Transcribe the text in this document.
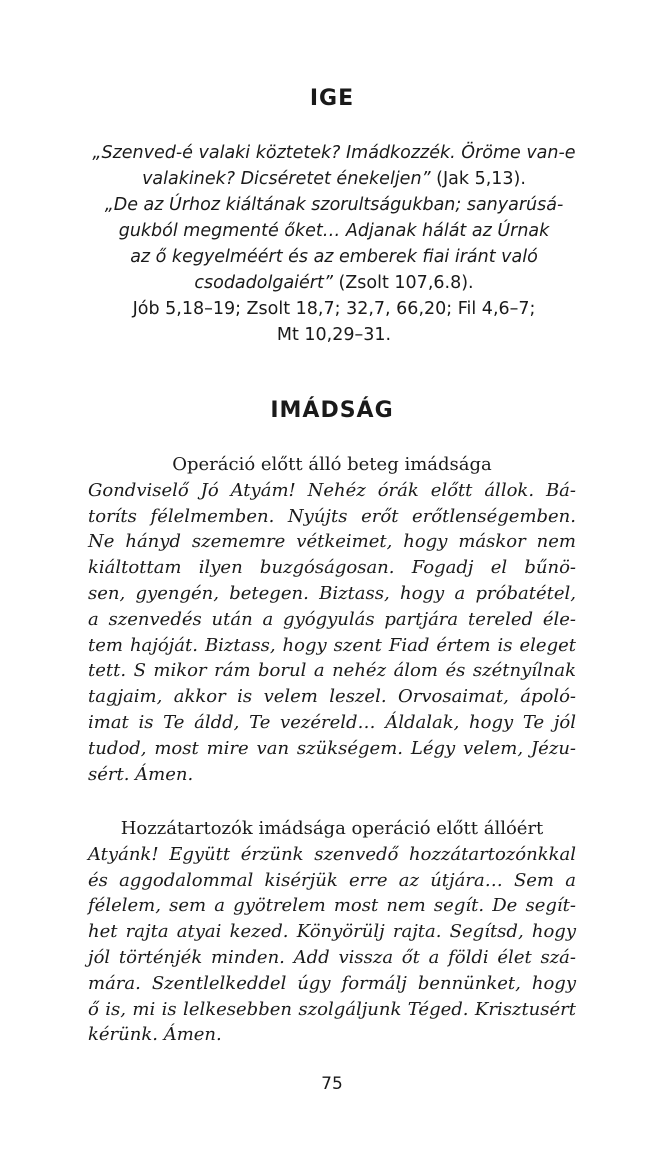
IGE
„Szenved-é valaki köztetek? Imádkozzék. Öröme van-e
valakinek? Dicséretet énekeljen” (Jak 5,13).
„De az Úrhoz kiáltának szorultságukban; sanyarúsá-
gukból megmenté őket… Adjanak hálát az Úrnak
az ő kegyelméért és az emberek fiai iránt való
csodadolgaiért” (Zsolt 107,6.8).
Jób 5,18–19; Zsolt 18,7; 32,7, 66,20; Fil 4,6–7;
Mt 10,29–31.
IMÁDSÁG
Operáció előtt álló beteg imádsága
Gondviselő Jó Atyám! Nehéz órák előtt állok. Bá-
toríts félelmemben. Nyújts erőt erőtlenségemben.
Ne hányd szememre vétkeimet, hogy máskor nem
kiáltottam ilyen buzgóságosan. Fogadj el bűnö-
sen, gyengén, betegen. Biztass, hogy a próbatétel,
a szenvedés után a gyógyulás partjára tereled éle-
tem hajóját. Biztass, hogy szent Fiad értem is eleget
tett. S mikor rám borul a nehéz álom és szétnyílnak
tagjaim, akkor is velem leszel. Orvosaimat, ápoló-
imat is Te áldd, Te vezéreld… Áldalak, hogy Te jól
tudod, most mire van szükségem. Légy velem, Jézu-
sért. Ámen.
Hozzátartozók imádsága operáció előtt állóért
Atyánk! Együtt érzünk szenvedő hozzátartozónkkal
és aggodalommal kisérjük erre az útjára… Sem a
félelem, sem a gyötrelem most nem segít. De segít-
het rajta atyai kezed. Könyörülj rajta. Segítsd, hogy
jól történjék minden. Add vissza őt a földi élet szá-
mára. Szentlelkeddel úgy formálj bennünket, hogy
ő is, mi is lelkesebben szolgáljunk Téged. Krisztusért
kérünk. Ámen.
75
